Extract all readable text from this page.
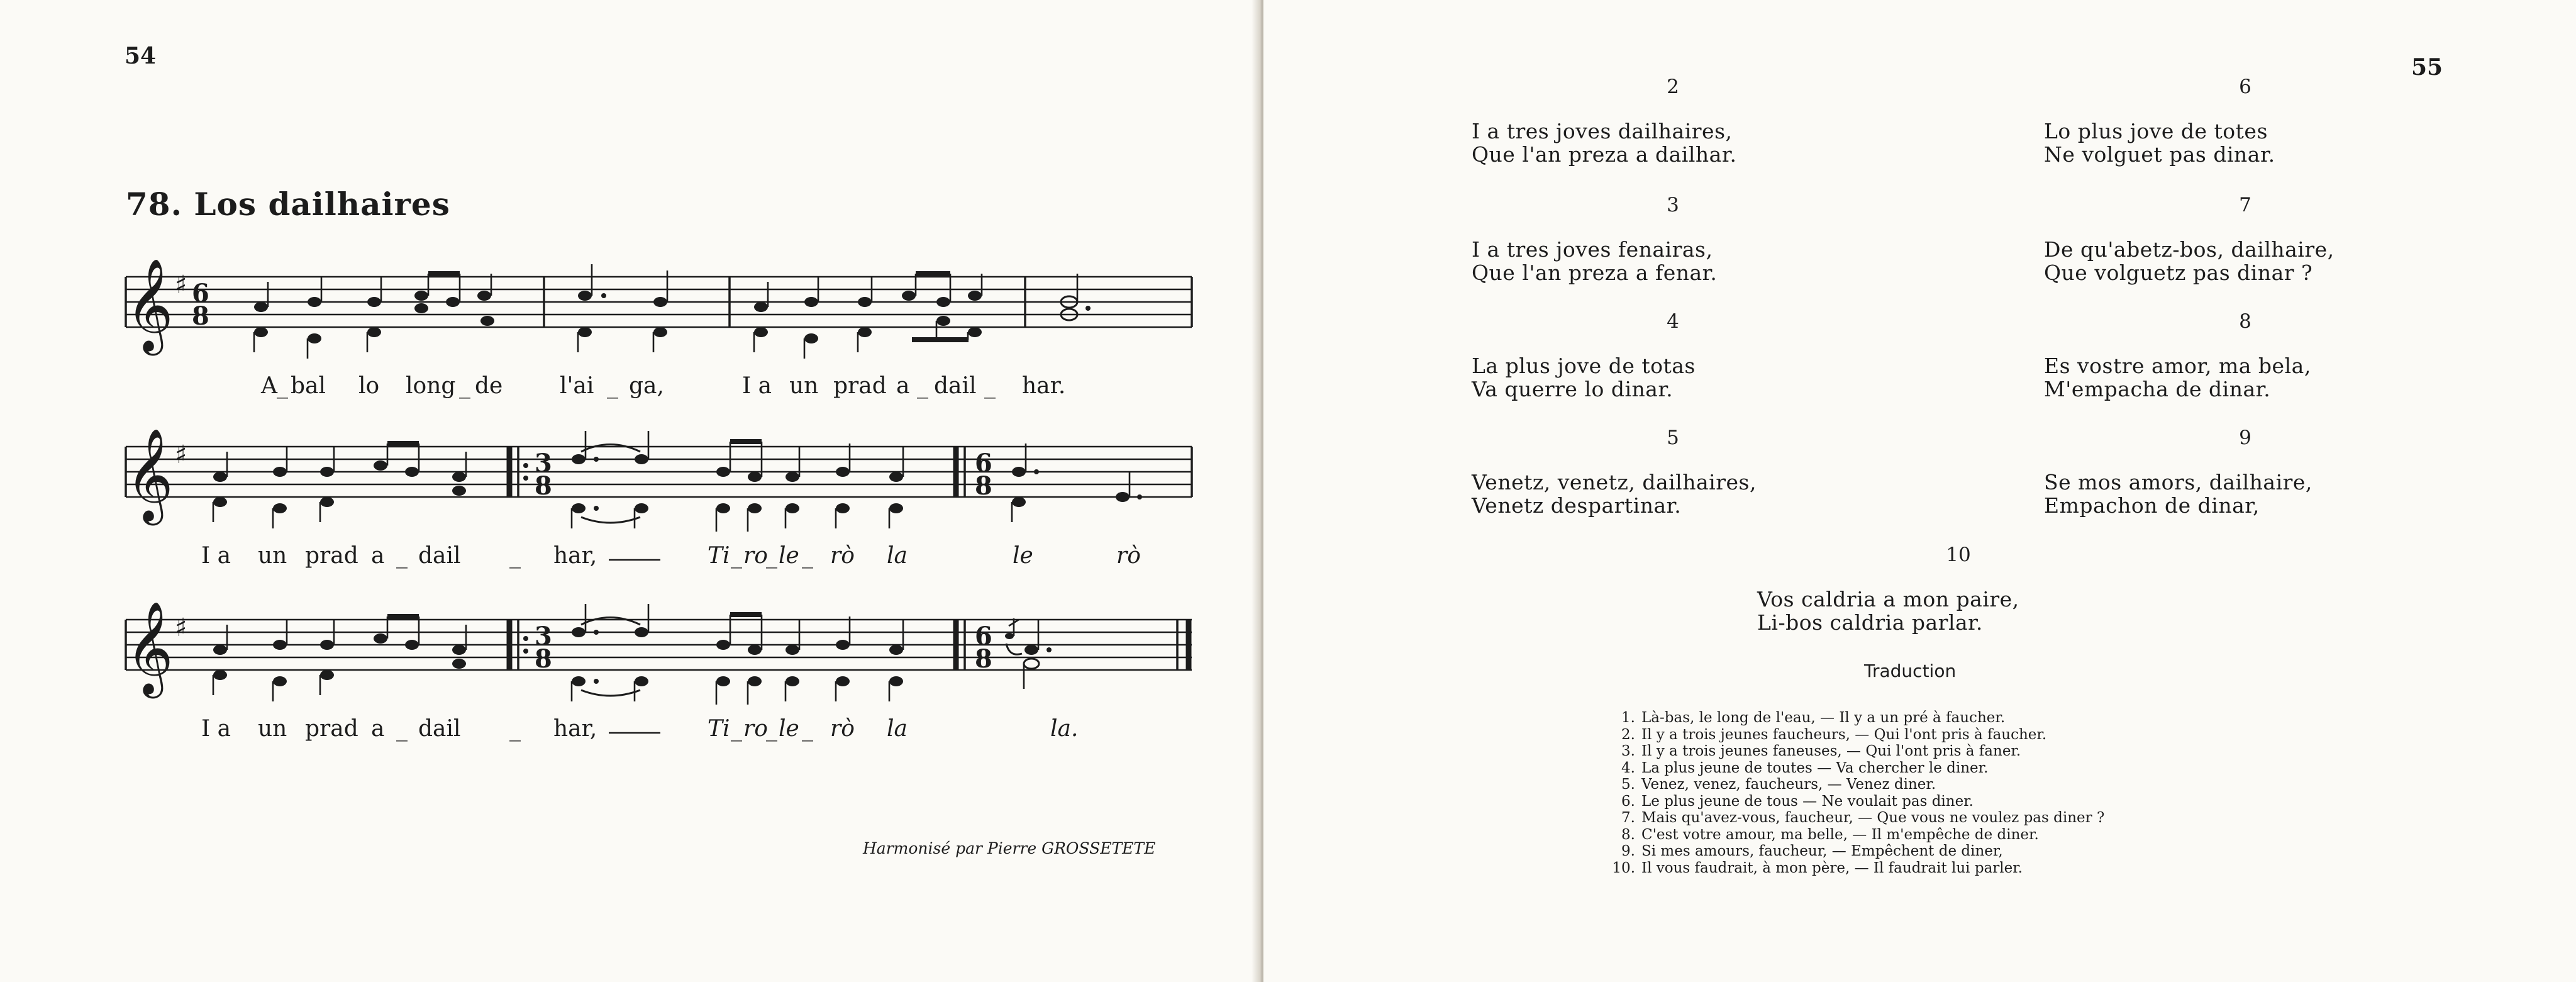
54
78. Los dailhaires
𝄞 ♯ 6
8
A _ bal lo long _ de	l'ai _ ga,	I a un prad a _ dail _ har.
𝄞 ♯	3
8
6
8
I a un prad a _ dail _ har,	Ti _ ro
_ le _ rò la	le	rò
𝄞 ♯	3
8
6
8
I a un prad a _ dail _ har,	Ti _ ro
_ le _ rò la	la.
Harmonisé par Pierre GROSSETETE
55
2
I a tres joves dailhaires,
Que l'an preza a dailhar.
6
Lo plus jove de totes
Ne volguet pas dinar.
3
I a tres joves fenairas,
Que l'an preza a fenar.
7
De qu'abetz-bos, dailhaire,
Que volguetz pas dinar ?
4
La plus jove de totas
Va querre lo dinar.
8
Es vostre amor, ma bela,
M'empacha de dinar.
5
Venetz, venetz, dailhaires,
Venetz despartinar.
9
Se mos amors, dailhaire,
Empachon de dinar,
10
Vos caldria a mon paire,
Li-bos caldria parlar.
Traduction
1. Là-bas, le long de l'eau, — Il y a un pré à faucher.
2. Il y a trois jeunes faucheurs, — Qui l'ont pris à faucher.
3. Il y a trois jeunes faneuses, — Qui l'ont pris à faner.
4. La plus jeune de toutes — Va chercher le diner.
5. Venez, venez, faucheurs, — Venez diner.
6. Le plus jeune de tous — Ne voulait pas diner.
7. Mais qu'avez-vous, faucheur, — Que vous ne voulez pas diner ?
8. C'est votre amour, ma belle, — Il m'empêche de diner.
9. Si mes amours, faucheur, — Empêchent de diner,
10. Il vous faudrait, à mon père, — Il faudrait lui parler.
